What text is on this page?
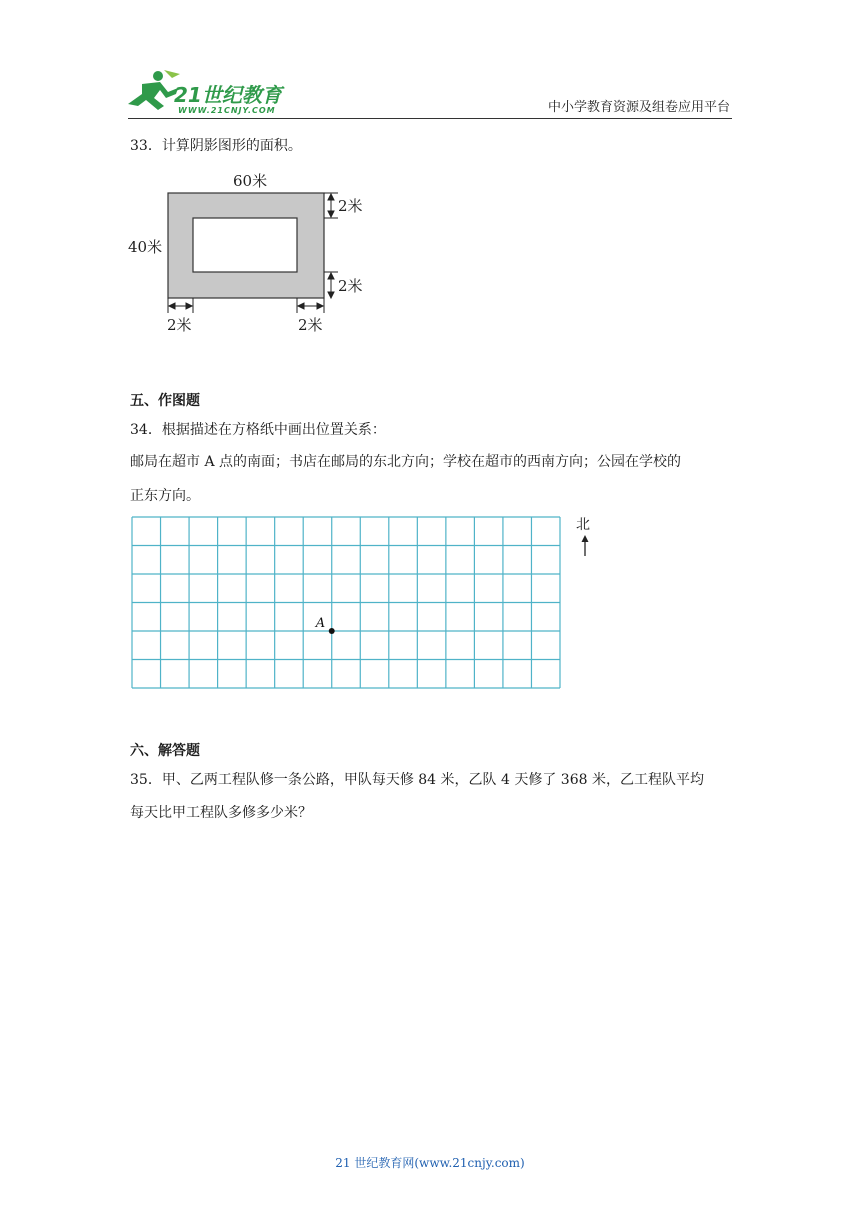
21世纪教育
WWW.21CNJY.COM	中小学教育资源及组卷应用平台
33．计算阴影图形的面积。
60米
40米
2米
2米
2米	2米
五、作图题
34．根据描述在方格纸中画出位置关系：
邮局在超市 A 点的南面；书店在邮局的东北方向；学校在超市的西南方向；公园在学校的
正东方向。
A
北
六、解答题
35．甲、乙两工程队修一条公路，甲队每天修 84 米，乙队 4 天修了 368 米，乙工程队平均
每天比甲工程队多修多少米？
21 世纪教育网(www.21cnjy.com)
